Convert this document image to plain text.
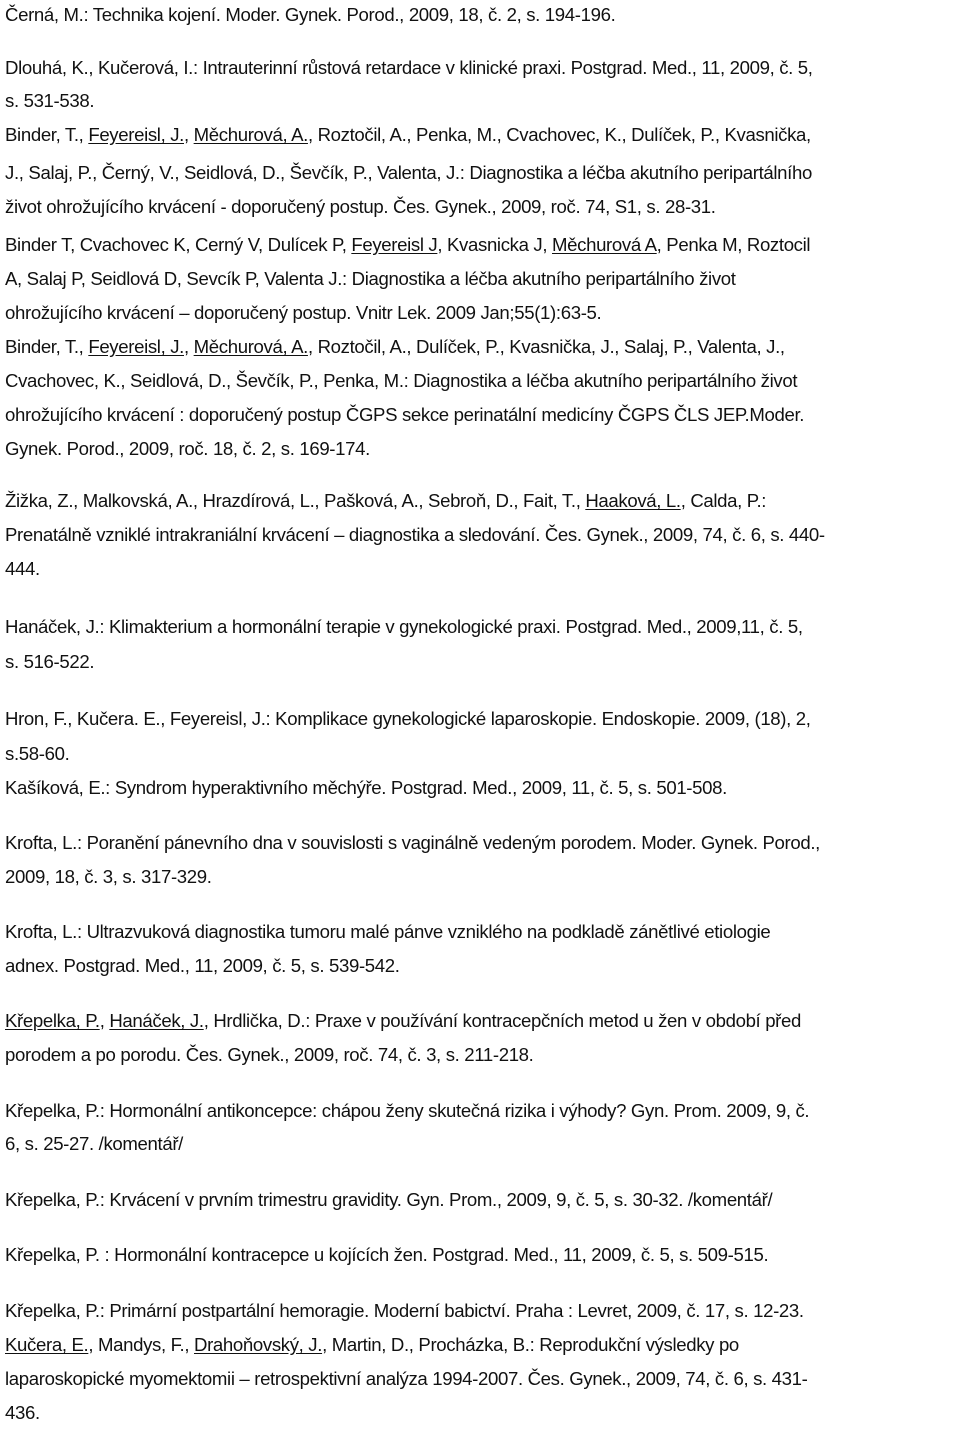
Černá, M.: Technika kojení. Moder. Gynek. Porod., 2009, 18, č. 2, s. 194-196.
Dlouhá, K., Kučerová, I.: Intrauterinní růstová retardace v klinické praxi. Postgrad. Med., 11, 2009, č. 5,
s. 531-538.
Binder, T., Feyereisl, J., Měchurová, A., Roztočil, A., Penka, M., Cvachovec, K., Dulíček, P., Kvasnička,
J., Salaj, P., Černý, V., Seidlová, D., Ševčík, P., Valenta, J.: Diagnostika a léčba akutního peripartálního
život ohrožujícího krvácení - doporučený postup. Čes. Gynek., 2009, roč. 74, S1, s. 28-31.
Binder T, Cvachovec K, Cerný V, Dulícek P, Feyereisl J, Kvasnicka J, Měchurová A, Penka M, Roztocil
A, Salaj P, Seidlová D, Sevcík P, Valenta J.: Diagnostika a léčba akutního peripartálního život
ohrožujícího krvácení – doporučený postup. Vnitr Lek. 2009 Jan;55(1):63-5.
Binder, T., Feyereisl, J., Měchurová, A., Roztočil, A., Dulíček, P., Kvasnička, J., Salaj, P., Valenta, J.,
Cvachovec, K., Seidlová, D., Ševčík, P., Penka, M.: Diagnostika a léčba akutního peripartálního život
ohrožujícího krvácení : doporučený postup ČGPS sekce perinatální medicíny ČGPS ČLS JEP.Moder.
Gynek. Porod., 2009, roč. 18, č. 2, s. 169-174.
Žižka, Z., Malkovská, A., Hrazdírová, L., Pašková, A., Sebroň, D., Fait, T., Haaková, L., Calda, P.:
Prenatálně vzniklé intrakraniální krvácení – diagnostika a sledování. Čes. Gynek., 2009, 74, č. 6, s. 440-
444.
Hanáček, J.: Klimakterium a hormonální terapie v gynekologické praxi. Postgrad. Med., 2009,11, č. 5,
s. 516-522.
Hron, F., Kučera. E., Feyereisl, J.: Komplikace gynekologické laparoskopie. Endoskopie. 2009, (18), 2,
s.58-60.
Kašíková, E.: Syndrom hyperaktivního měchýře. Postgrad. Med., 2009, 11, č. 5, s. 501-508.
Krofta, L.: Poranění pánevního dna v souvislosti s vaginálně vedeným porodem. Moder. Gynek. Porod.,
2009, 18, č. 3, s. 317-329.
Krofta, L.: Ultrazvuková diagnostika tumoru malé pánve vzniklého na podkladě zánětlivé etiologie
adnex. Postgrad. Med., 11, 2009, č. 5, s. 539-542.
Křepelka, P., Hanáček, J., Hrdlička, D.: Praxe v používání kontracepčních metod u žen v období před
porodem a po porodu. Čes. Gynek., 2009, roč. 74, č. 3, s. 211-218.
Křepelka, P.: Hormonální antikoncepce: chápou ženy skutečná rizika i výhody? Gyn. Prom. 2009, 9, č.
6, s. 25-27. /komentář/
Křepelka, P.: Krvácení v prvním trimestru gravidity. Gyn. Prom., 2009, 9, č. 5, s. 30-32. /komentář/
Křepelka, P. : Hormonální kontracepce u kojících žen. Postgrad. Med., 11, 2009, č. 5, s. 509-515.
Křepelka, P.: Primární postpartální hemoragie. Moderní babictví. Praha : Levret, 2009, č. 17, s. 12-23.
Kučera, E., Mandys, F., Drahoňovský, J., Martin, D., Procházka, B.: Reprodukční výsledky po
laparoskopické myomektomii – retrospektivní analýza 1994-2007. Čes. Gynek., 2009, 74, č. 6, s. 431-
436.
